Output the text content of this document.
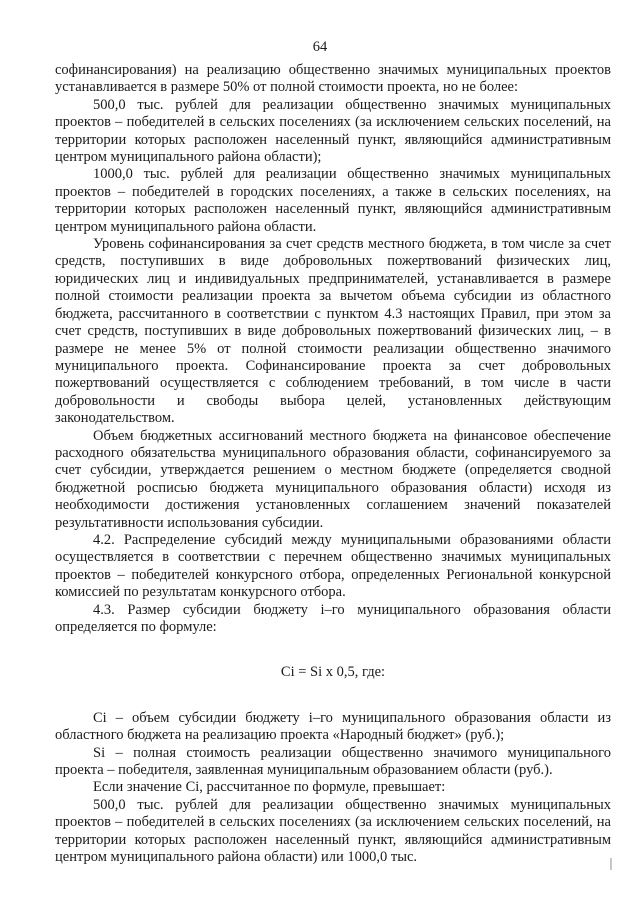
64

софинансирования) на реализацию общественно значимых муниципальных проектов устанавливается в размере 50% от полной стоимости проекта, но не более:

500,0 тыс. рублей для реализации общественно значимых муниципальных проектов – победителей в сельских поселениях (за исключением сельских поселений, на территории которых расположен населенный пункт, являющийся административным центром муниципального района области);

1000,0 тыс. рублей для реализации общественно значимых муниципальных проектов – победителей в городских поселениях, а также в сельских поселениях, на территории которых расположен населенный пункт, являющийся административным центром муниципального района области.

Уровень софинансирования за счет средств местного бюджета, в том числе за счет средств, поступивших в виде добровольных пожертвований физических лиц, юридических лиц и индивидуальных предпринимателей, устанавливается в размере полной стоимости реализации проекта за вычетом объема субсидии из областного бюджета, рассчитанного в соответствии с пунктом 4.3 настоящих Правил, при этом за счет средств, поступивших в виде добровольных пожертвований физических лиц, – в размере не менее 5% от полной стоимости реализации общественно значимого муниципального проекта. Софинансирование проекта за счет добровольных пожертвований осуществляется с соблюдением требований, в том числе в части добровольности и свободы выбора целей, установленных действующим законодательством.

Объем бюджетных ассигнований местного бюджета на финансовое обеспечение расходного обязательства муниципального образования области, софинансируемого за счет субсидии, утверждается решением о местном бюджете (определяется сводной бюджетной росписью бюджета муниципального образования области) исходя из необходимости достижения установленных соглашением значений показателей результативности использования субсидии.

4.2. Распределение субсидий между муниципальными образованиями области осуществляется в соответствии с перечнем общественно значимых муниципальных проектов – победителей конкурсного отбора, определенных Региональной конкурсной комиссией по результатам конкурсного отбора.

4.3. Размер субсидии бюджету i–го муниципального образования области определяется по формуле:

Ci = Si x 0,5, где:

Ci – объем субсидии бюджету i–го муниципального образования области из областного бюджета на реализацию проекта «Народный бюджет» (руб.);

Si – полная стоимость реализации общественно значимого муниципального проекта – победителя, заявленная муниципальным образованием области (руб.).

Если значение Ci, рассчитанное по формуле, превышает:

500,0 тыс. рублей для реализации общественно значимых муниципальных проектов – победителей в сельских поселениях (за исключением сельских поселений, на территории которых расположен населенный пункт, являющийся административным центром муниципального района области) или 1000,0 тыс.
